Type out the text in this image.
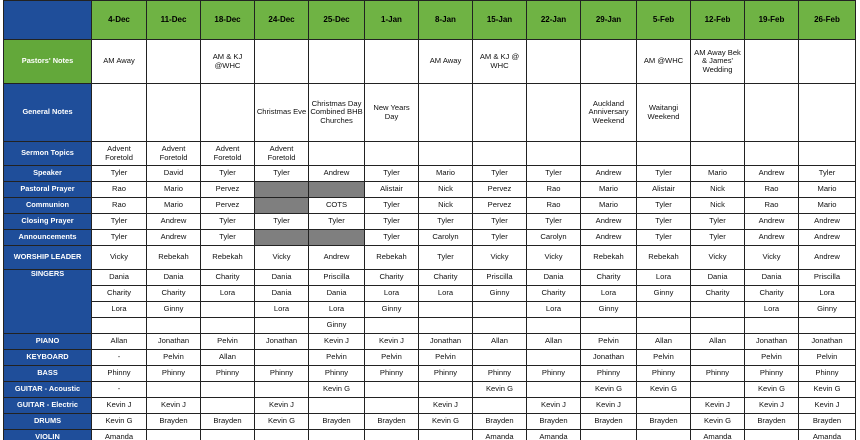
	4-Dec	11-Dec	18-Dec	24-Dec	25-Dec	1-Jan	8-Jan	15-Jan	22-Jan	29-Jan	5-Feb	12-Feb	19-Feb	26-Feb
Pastors' Notes	AM Away		AM & KJ @WHC				AM Away	AM & KJ @ WHC			AM @WHC	AM Away Bek & James' Wedding		
General Notes				Christmas Eve	Christmas Day Combined BHB Churches	New Years Day				Auckland Anniversary Weekend	Waitangi Weekend			
Sermon Topics	Advent Foretold	Advent Foretold	Advent Foretold	Advent Foretold										
Speaker	Tyler	David	Tyler	Tyler	Andrew	Tyler	Mario	Tyler	Tyler	Andrew	Tyler	Mario	Andrew	Tyler
Pastoral Prayer	Rao	Mario	Pervez			Alistair	Nick	Pervez	Rao	Mario	Alistair	Nick	Rao	Mario
Communion	Rao	Mario	Pervez		COTS	Tyler	Nick	Pervez	Rao	Mario	Tyler	Nick	Rao	Mario
Closing Prayer	Tyler	Andrew	Tyler	Tyler	Tyler	Tyler	Tyler	Tyler	Tyler	Andrew	Tyler	Tyler	Andrew	Andrew
Announcements	Tyler	Andrew	Tyler			Tyler	Carolyn	Tyler	Carolyn	Andrew	Tyler	Tyler	Andrew	Andrew
WORSHIP LEADER	Vicky	Rebekah	Rebekah	Vicky	Andrew	Rebekah	Tyler	Vicky	Vicky	Rebekah	Rebekah	Vicky	Vicky	Andrew
SINGERS	Dania	Dania	Charity	Dania	Priscilla	Charity	Charity	Priscilla	Dania	Charity	Lora	Dania	Dania	Priscilla
	Charity	Charity	Lora	Dania	Dania	Lora	Lora	Ginny	Charity	Lora	Ginny	Charity	Charity	Lora
	Lora	Ginny		Lora	Lora	Ginny			Lora	Ginny			Lora	Ginny
					Ginny									
PIANO	Allan	Jonathan	Pelvin	Jonathan	Kevin J	Kevin J	Jonathan	Allan	Allan	Pelvin	Allan	Allan	Jonathan	Jonathan
KEYBOARD	-	Pelvin	Allan		Pelvin	Pelvin	Pelvin			Jonathan	Pelvin		Pelvin	Pelvin
BASS	Phinny	Phinny	Phinny	Phinny	Phinny	Phinny	Phinny	Phinny	Phinny	Phinny	Phinny	Phinny	Phinny	Phinny
GUITAR - Acoustic	-				Kevin G			Kevin G		Kevin G	Kevin G		Kevin G	Kevin G
GUITAR - Electric	Kevin J	Kevin J		Kevin J			Kevin J		Kevin J	Kevin J		Kevin J	Kevin J	Kevin J
DRUMS	Kevin G	Brayden	Brayden	Kevin G	Brayden	Brayden	Kevin G	Brayden	Brayden	Brayden	Brayden	Kevin G	Brayden	Brayden
VIOLIN	Amanda							Amanda	Amanda			Amanda		Amanda
